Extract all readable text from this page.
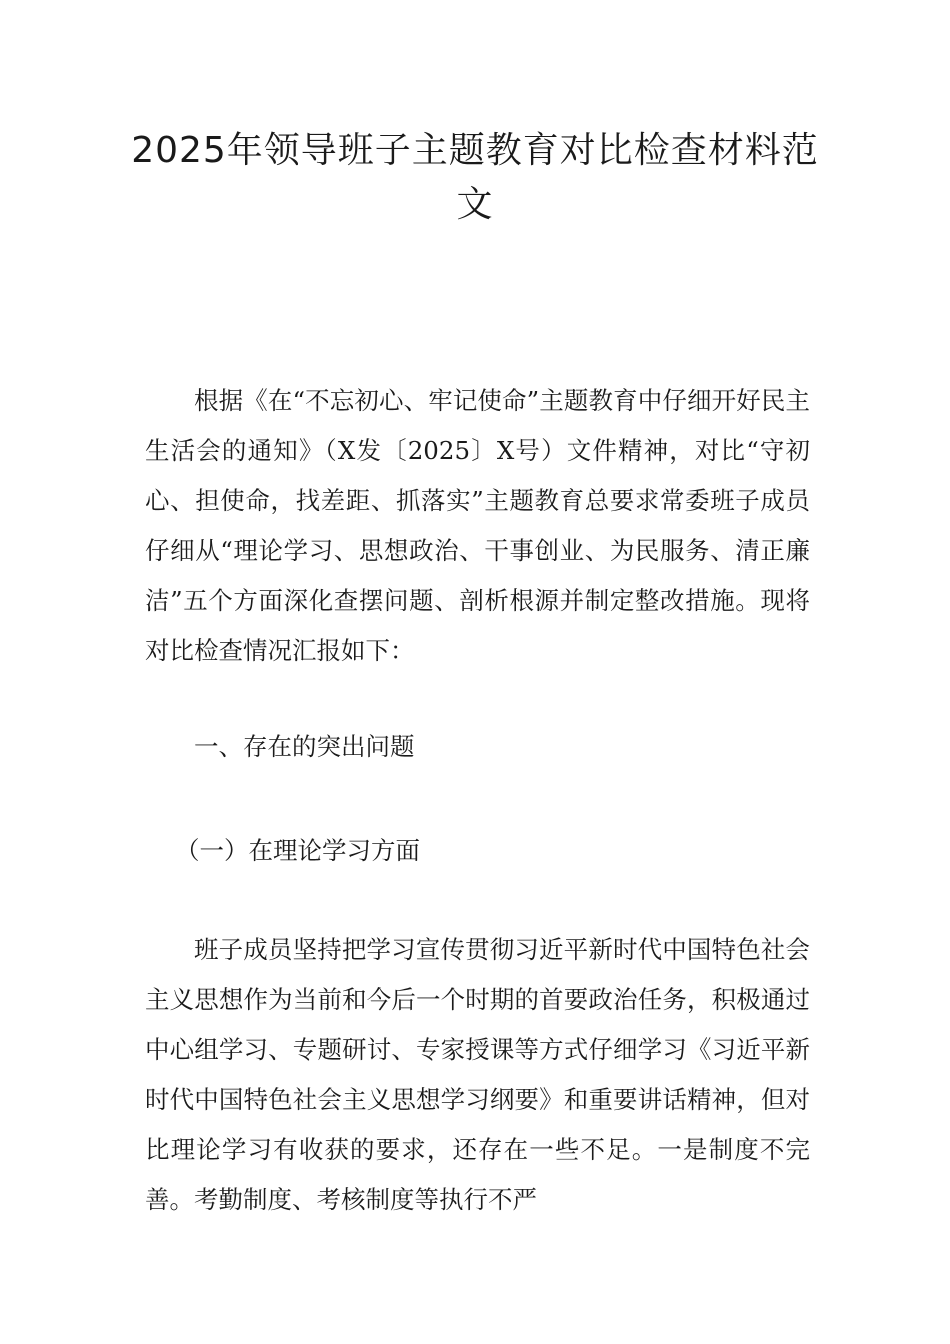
2025年领导班子主题教育对比检查材料范文

根据《在“不忘初心、牢记使命”主题教育中仔细开好民主生活会的通知》（X发〔2025〕X号）文件精神，对比“守初心、担使命，找差距、抓落实”主题教育总要求常委班子成员仔细从“理论学习、思想政治、干事创业、为民服务、清正廉洁”五个方面深化查摆问题、剖析根源并制定整改措施。现将对比检查情况汇报如下：

一、存在的突出问题

（一）在理论学习方面

班子成员坚持把学习宣传贯彻习近平新时代中国特色社会主义思想作为当前和今后一个时期的首要政治任务，积极通过中心组学习、专题研讨、专家授课等方式仔细学习《习近平新时代中国特色社会主义思想学习纲要》和重要讲话精神，但对比理论学习有收获的要求，还存在一些不足。一是制度不完善。考勤制度、考核制度等执行不严
